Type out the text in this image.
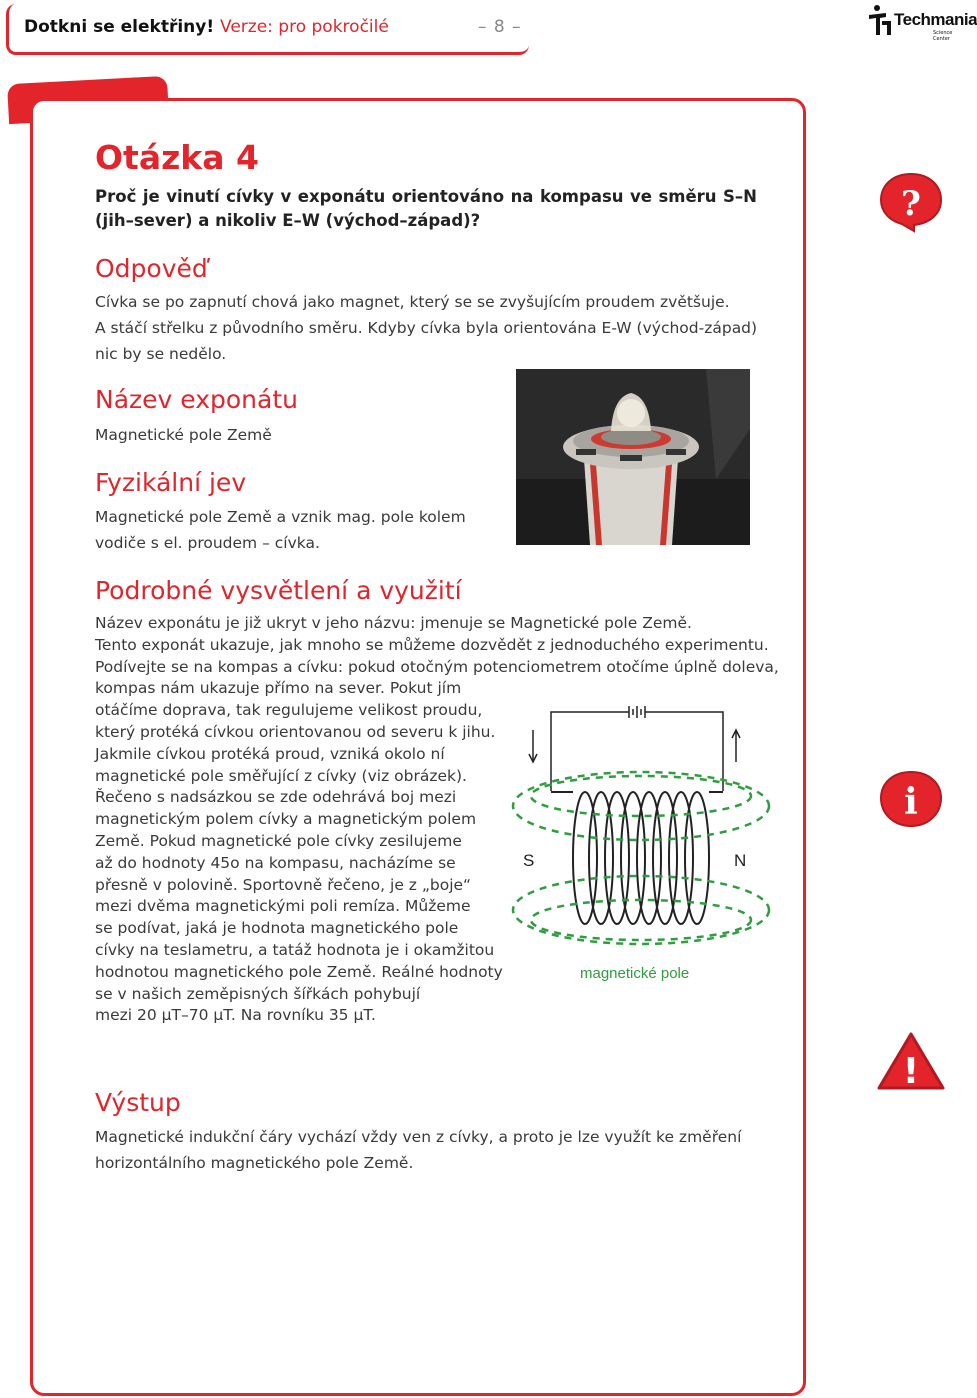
Dotkni se elektřiny! Verze: pro pokročilé	– 8 –	Techmania
Science Center
Otázka 4
Proč je vinutí cívky v exponátu orientováno na kompasu ve směru S–N (jih–sever) a nikoliv E–W (východ–západ)?
Odpověď
Cívka se po zapnutí chová jako magnet, který se se zvyšujícím proudem zvětšuje.
A stáčí střelku z původního směru. Kdyby cívka byla orientována E-W (východ-západ)
nic by se nedělo.
Název exponátu
Magnetické pole Země
Fyzikální jev
Magnetické pole Země a vznik mag. pole kolem
vodiče s el. proudem – cívka.
Podrobné vysvětlení a využití
Název exponátu je již ukryt v jeho názvu: jmenuje se Magnetické pole Země.
Tento exponát ukazuje, jak mnoho se můžeme dozvědět z jednoduchého experimentu.
Podívejte se na kompas a cívku: pokud otočným potenciometrem otočíme úplně doleva,
kompas nám ukazuje přímo na sever. Pokut jím
otáčíme doprava, tak regulujeme velikost proudu,
který protéká cívkou orientovanou od severu k jihu.
Jakmile cívkou protéká proud, vzniká okolo ní
magnetické pole směřující z cívky (viz obrázek).
Řečeno s nadsázkou se zde odehrává boj mezi
magnetickým polem cívky a magnetickým polem
Země. Pokud magnetické pole cívky zesilujeme
až do hodnoty 45o na kompasu, nacházíme se
přesně v polovině. Sportovně řečeno, je z „boje“
mezi dvěma magnetickými poli remíza. Můžeme
se podívat, jaká je hodnota magnetického pole
cívky na teslametru, a tatáž hodnota je i okamžitou
hodnotou magnetického pole Země. Reálné hodnoty
se v našich zeměpisných šířkách pohybují
mezi 20 μT–70 μT. Na rovníku 35 μT.
S	N
magnetické pole
Výstup
Magnetické indukční čáry vychází vždy ven z cívky, a proto je lze využít ke změření
horizontálního magnetického pole Země.
?
i
!
